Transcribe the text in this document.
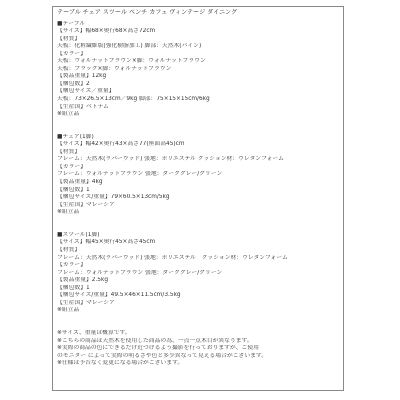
テーブル チェア スツール ベンチ カフェ ヴィンテージ ダイニング
■テーブル
【サイズ】幅68×奥行68×高さ72cm
【材質】
天板：化粧繊維版(強化樹脂加工) 脚部：天然木(パイン)
【カラー】
天板：ウォルナットブラウン×脚：ウォルナットブラウン
天板：ブラック×脚：ウォルナットブラウン
【製品重量】12kg
【梱包数】2
【梱包サイズ／重量】
天板：73×26.5×13cm／9kg 脚部：75×15×15cm/6kg
【生産国】ベトナム
※組立品
■チェア(1脚)
【サイズ】幅42×奥行43×高さ77(座面高45)cm
【材質】
フレーム：天然木(ラバーウッド) 張地：ポリエステル クッション材：ウレタンフォーム
【カラー】
フレーム：ウォルナットブラウン 張地：ダークグレー/グリーン
【製品重量】4kg
【梱包数】1
【梱包サイズ/重量】79×60.5×13cm/5kg
【生産国】マレーシア
※組立品
■スツール(1脚)
【サイズ】幅45×奥行45×高さ45cm
【材質】
フレーム：天然木(ラバーウッド) 張地：ポリエステル　クッション材：ウレタンフォーム
【カラー】
フレーム：ウォルナットブラウン 張地：ダークグレー/グリーン
【製品重量】2.5kg
【梱包数】1
【梱包サイズ/重量】49.5×46×11.5cm/3.5kg
【生産国】マレーシア
※組立品
※サイズ、重量は概算です。
※こちらの商品は天然木を使用した商品の為、一点一点木目が異なります。
※実際の商品の色にできるだけ近づけるよう撮影を行っておりますが、ご使用
のモニター によって実際の明るさや色と多少異なって見える場合がございます。
※仕様は予告なく変更になる場合がございます。
